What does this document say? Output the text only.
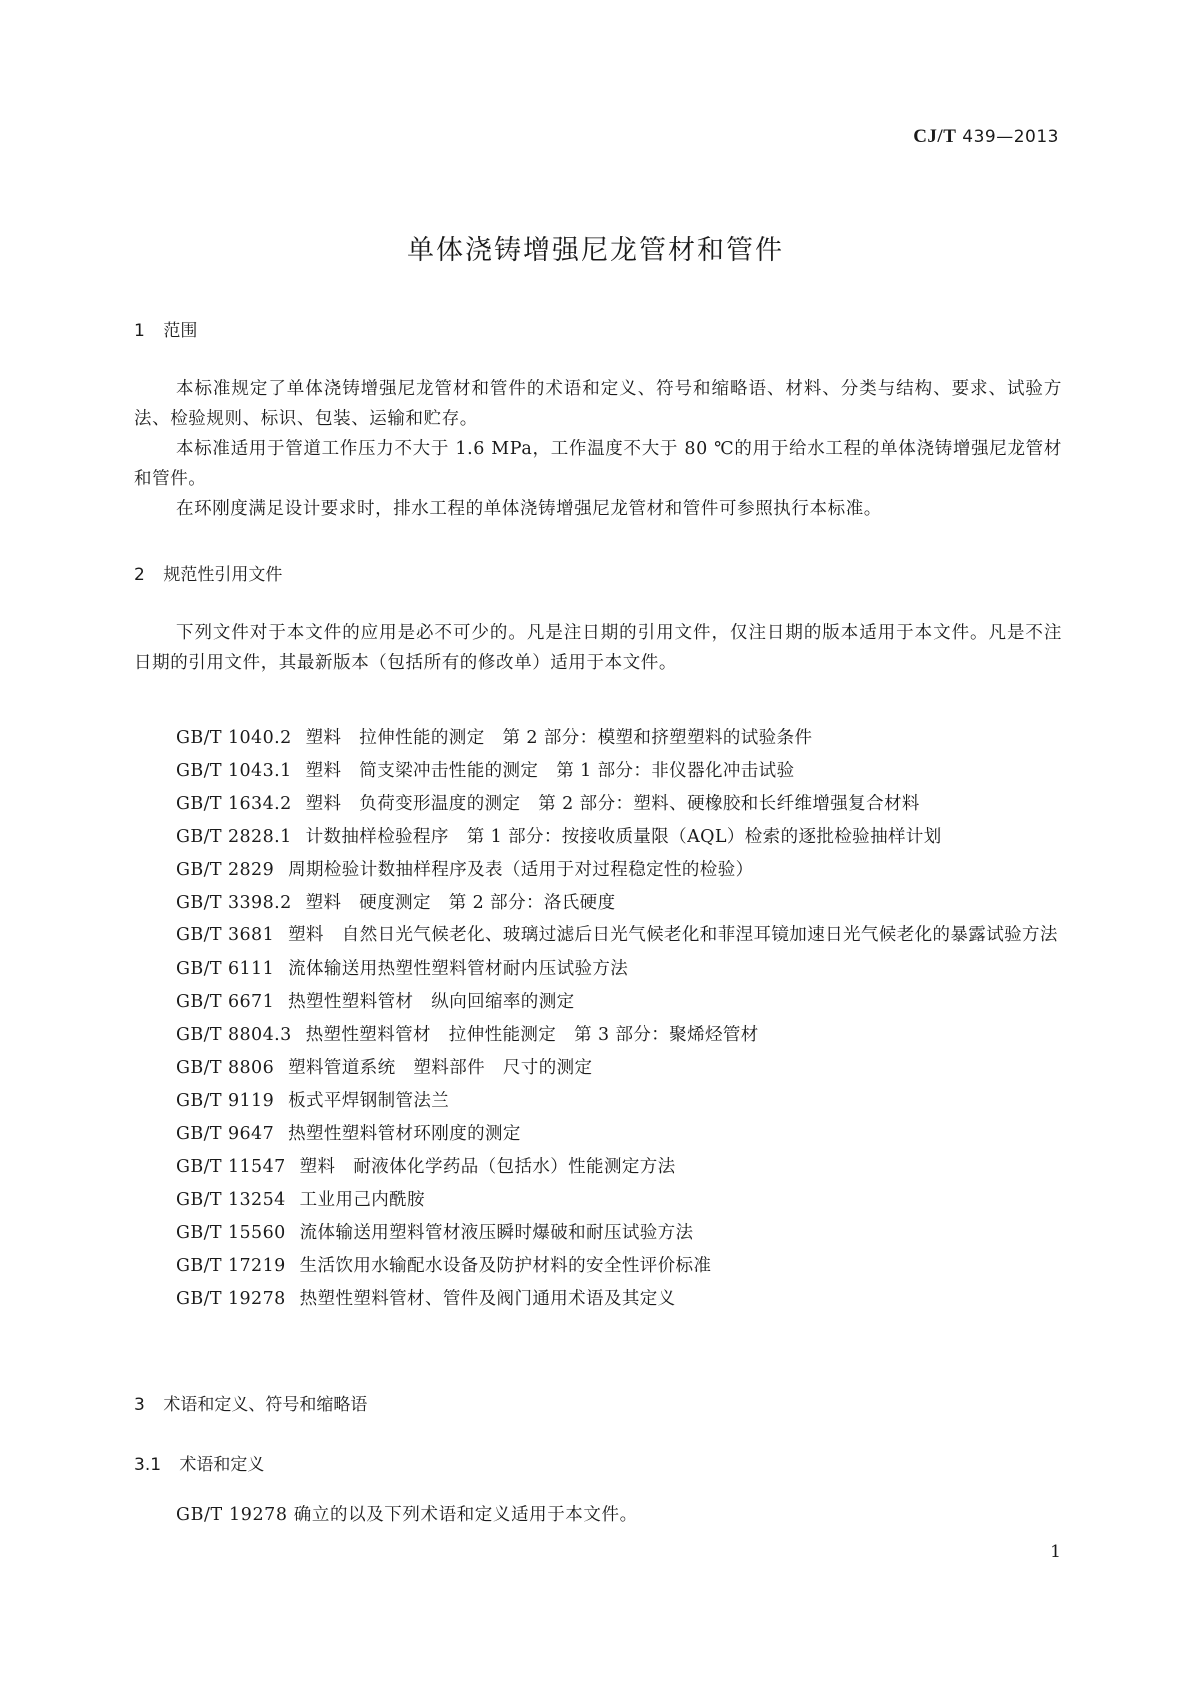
CJ/T 439—2013
单体浇铸增强尼龙管材和管件
1 范围
本标准规定了单体浇铸增强尼龙管材和管件的术语和定义、符号和缩略语、材料、分类与结构、要求、试验方法、检验规则、标识、包装、运输和贮存。
本标准适用于管道工作压力不大于 1.6 MPa，工作温度不大于 80 ℃的用于给水工程的单体浇铸增强尼龙管材和管件。
在环刚度满足设计要求时，排水工程的单体浇铸增强尼龙管材和管件可参照执行本标准。
2 规范性引用文件
下列文件对于本文件的应用是必不可少的。凡是注日期的引用文件，仅注日期的版本适用于本文件。凡是不注日期的引用文件，其最新版本（包括所有的修改单）适用于本文件。
GB/T 1040.2 塑料　拉伸性能的测定　第 2 部分：模塑和挤塑塑料的试验条件
GB/T 1043.1 塑料　简支梁冲击性能的测定　第 1 部分：非仪器化冲击试验
GB/T 1634.2 塑料　负荷变形温度的测定　第 2 部分：塑料、硬橡胶和长纤维增强复合材料
GB/T 2828.1 计数抽样检验程序　第 1 部分：按接收质量限（AQL）检索的逐批检验抽样计划
GB/T 2829 周期检验计数抽样程序及表（适用于对过程稳定性的检验）
GB/T 3398.2 塑料　硬度测定　第 2 部分：洛氏硬度
GB/T 3681 塑料　自然日光气候老化、玻璃过滤后日光气候老化和菲涅耳镜加速日光气候老化的暴露试验方法
GB/T 6111 流体输送用热塑性塑料管材耐内压试验方法
GB/T 6671 热塑性塑料管材　纵向回缩率的测定
GB/T 8804.3 热塑性塑料管材　拉伸性能测定　第 3 部分：聚烯烃管材
GB/T 8806 塑料管道系统　塑料部件　尺寸的测定
GB/T 9119 板式平焊钢制管法兰
GB/T 9647 热塑性塑料管材环刚度的测定
GB/T 11547 塑料　耐液体化学药品（包括水）性能测定方法
GB/T 13254 工业用己内酰胺
GB/T 15560 流体输送用塑料管材液压瞬时爆破和耐压试验方法
GB/T 17219 生活饮用水输配水设备及防护材料的安全性评价标准
GB/T 19278 热塑性塑料管材、管件及阀门通用术语及其定义
3 术语和定义、符号和缩略语
3.1 术语和定义
GB/T 19278 确立的以及下列术语和定义适用于本文件。
1
